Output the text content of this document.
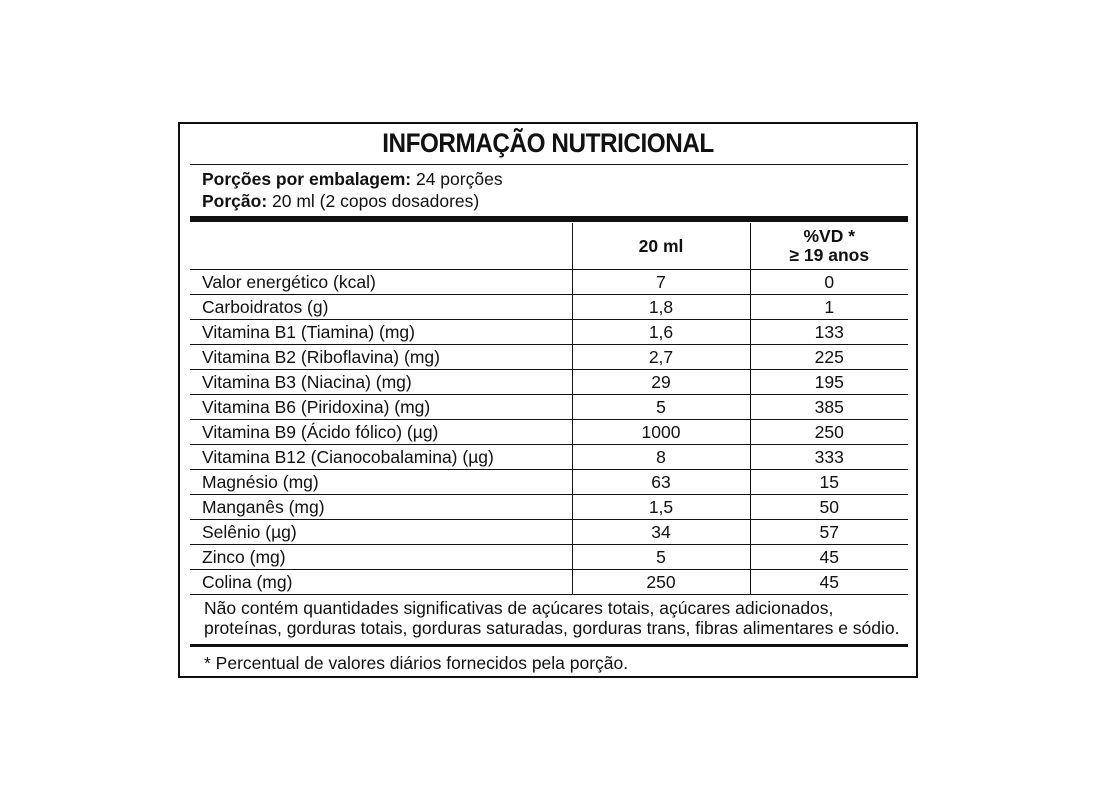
INFORMAÇÃO NUTRICIONAL
Porções por embalagem: 24 porções
Porção: 20 ml (2 copos dosadores)
	20 ml	%VD *
≥ 19 anos

Valor energético (kcal)	7	0
Carboidratos (g)	1,8	1
Vitamina B1 (Tiamina) (mg)	1,6	133
Vitamina B2 (Riboflavina) (mg)	2,7	225
Vitamina B3 (Niacina) (mg)	29	195
Vitamina B6 (Piridoxina) (mg)	5	385
Vitamina B9 (Ácido fólico) (µg)	1000	250
Vitamina B12 (Cianocobalamina) (µg)	8	333
Magnésio (mg)	63	15
Manganês (mg)	1,5	50
Selênio (µg)	34	57
Zinco (mg)	5	45
Colina (mg)	250	45
Não contém quantidades significativas de açúcares totais, açúcares adicionados,
proteínas, gorduras totais, gorduras saturadas, gorduras trans, fibras alimentares e sódio.
* Percentual de valores diários fornecidos pela porção.
